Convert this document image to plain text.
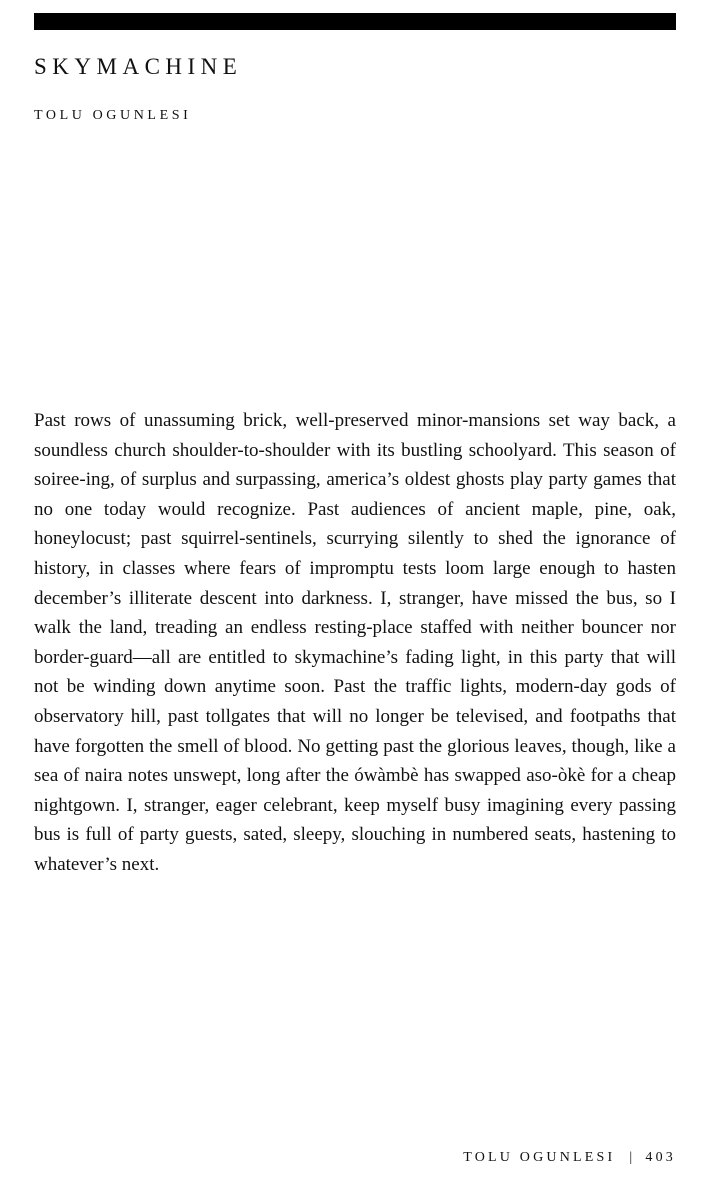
SKYMACHINE
TOLU OGUNLESI

Past rows of unassuming brick, well-preserved minor-mansions set way back, a soundless church shoulder-to-shoulder with its bustling schoolyard. This season of soiree-ing, of surplus and surpassing, america’s oldest ghosts play party games that no one today would recognize. Past audiences of ancient maple, pine, oak, honeylocust; past squirrel-sentinels, scurrying silently to shed the ignorance of history, in classes where fears of impromptu tests loom large enough to hasten december’s illiterate descent into darkness. I, stranger, have missed the bus, so I walk the land, treading an endless resting-place staffed with neither bouncer nor border-guard—all are entitled to skymachine’s fading light, in this party that will not be winding down anytime soon. Past the traffic lights, modern-day gods of observatory hill, past tollgates that will no longer be televised, and footpaths that have forgotten the smell of blood. No getting past the glorious leaves, though, like a sea of naira notes unswept, long after the ówàmbè has swapped aso-òkè for a cheap nightgown. I, stranger, eager celebrant, keep myself busy imagining every passing bus is full of party guests, sated, sleepy, slouching in numbered seats, hastening to whatever’s next.

TOLU OGUNLESI | 403
